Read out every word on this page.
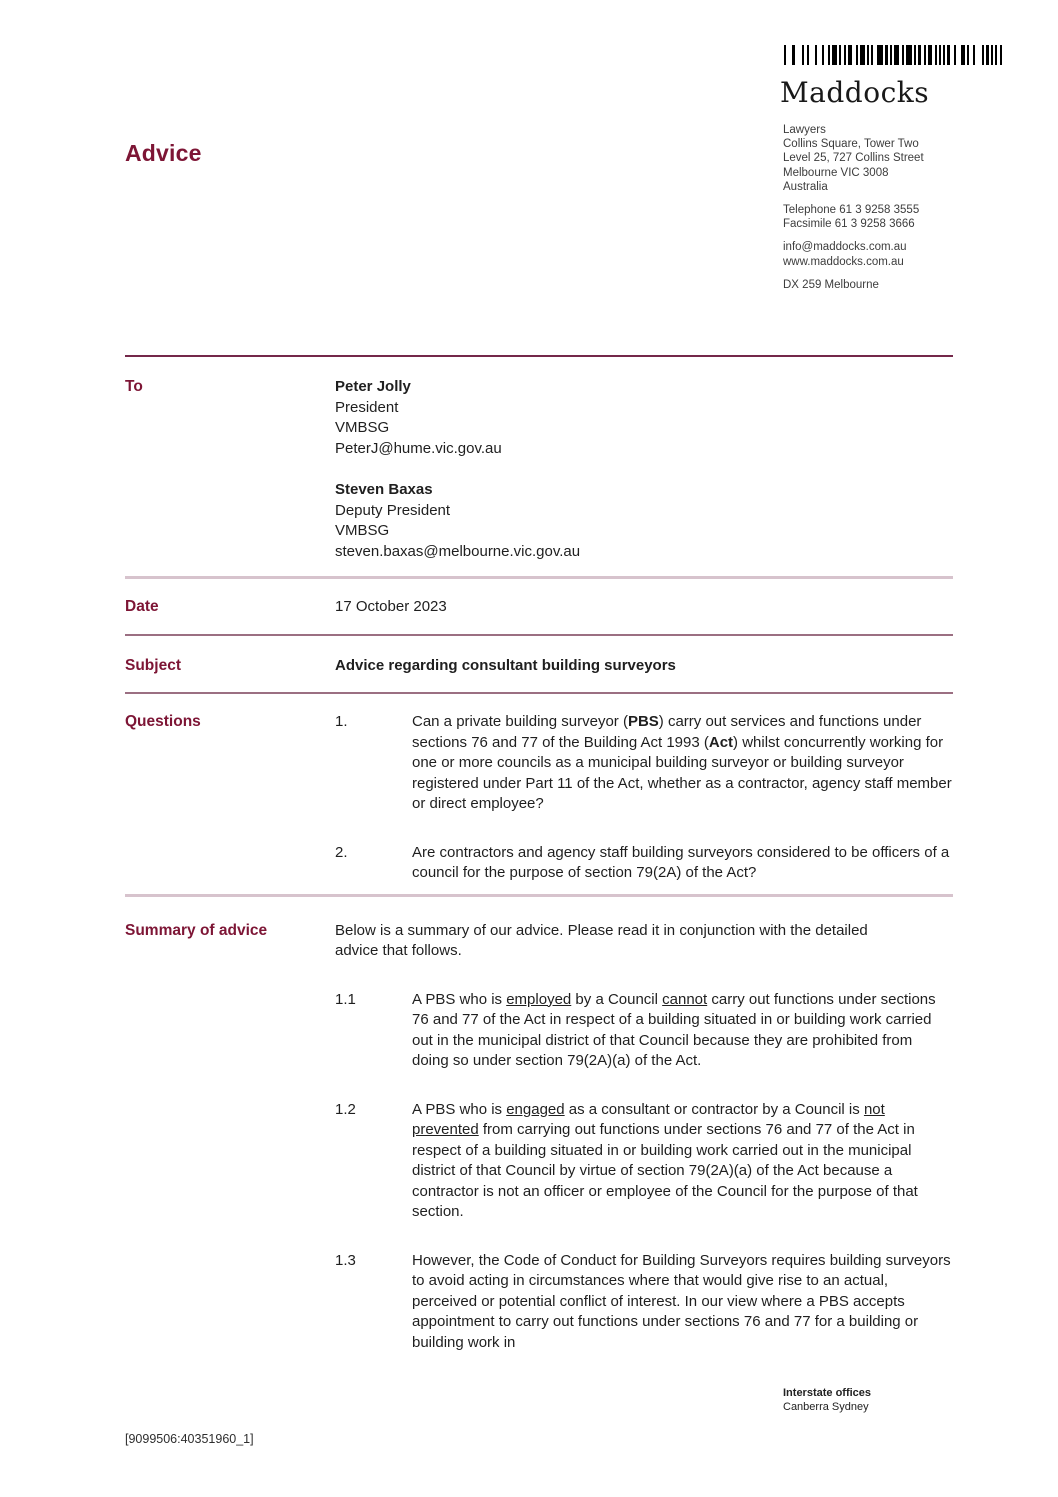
Advice
Maddocks
Lawyers
Collins Square, Tower Two
Level 25, 727 Collins Street
Melbourne VIC 3008
Australia
Telephone 61 3 9258 3555
Facsimile 61 3 9258 3666
info@maddocks.com.au
www.maddocks.com.au
DX 259 Melbourne
To	Peter Jolly
President
VMBSG
PeterJ@hume.vic.gov.au
Steven Baxas
Deputy President
VMBSG
steven.baxas@melbourne.vic.gov.au
Date	17 October 2023
Subject	Advice regarding consultant building surveyors
Questions	1.	Can a private building surveyor (PBS) carry out services and functions under sections 76 and 77 of the Building Act 1993 (Act) whilst concurrently working for one or more councils as a municipal building surveyor or building surveyor registered under Part 11 of the Act, whether as a contractor, agency staff member or direct employee?
2.	Are contractors and agency staff building surveyors considered to be officers of a council for the purpose of section 79(2A) of the Act?
Summary of advice	Below is a summary of our advice. Please read it in conjunction with the detailed advice that follows.
1.1	A PBS who is employed by a Council cannot carry out functions under sections 76 and 77 of the Act in respect of a building situated in or building work carried out in the municipal district of that Council because they are prohibited from doing so under section 79(2A)(a) of the Act.
1.2	A PBS who is engaged as a consultant or contractor by a Council is not prevented from carrying out functions under sections 76 and 77 of the Act in respect of a building situated in or building work carried out in the municipal district of that Council by virtue of section 79(2A)(a) of the Act because a contractor is not an officer or employee of the Council for the purpose of that section.
1.3	However, the Code of Conduct for Building Surveyors requires building surveyors to avoid acting in circumstances where that would give rise to an actual, perceived or potential conflict of interest. In our view where a PBS accepts appointment to carry out functions under sections 76 and 77 for a building or building work in
Interstate offices
Canberra Sydney
[9099506:40351960_1]
